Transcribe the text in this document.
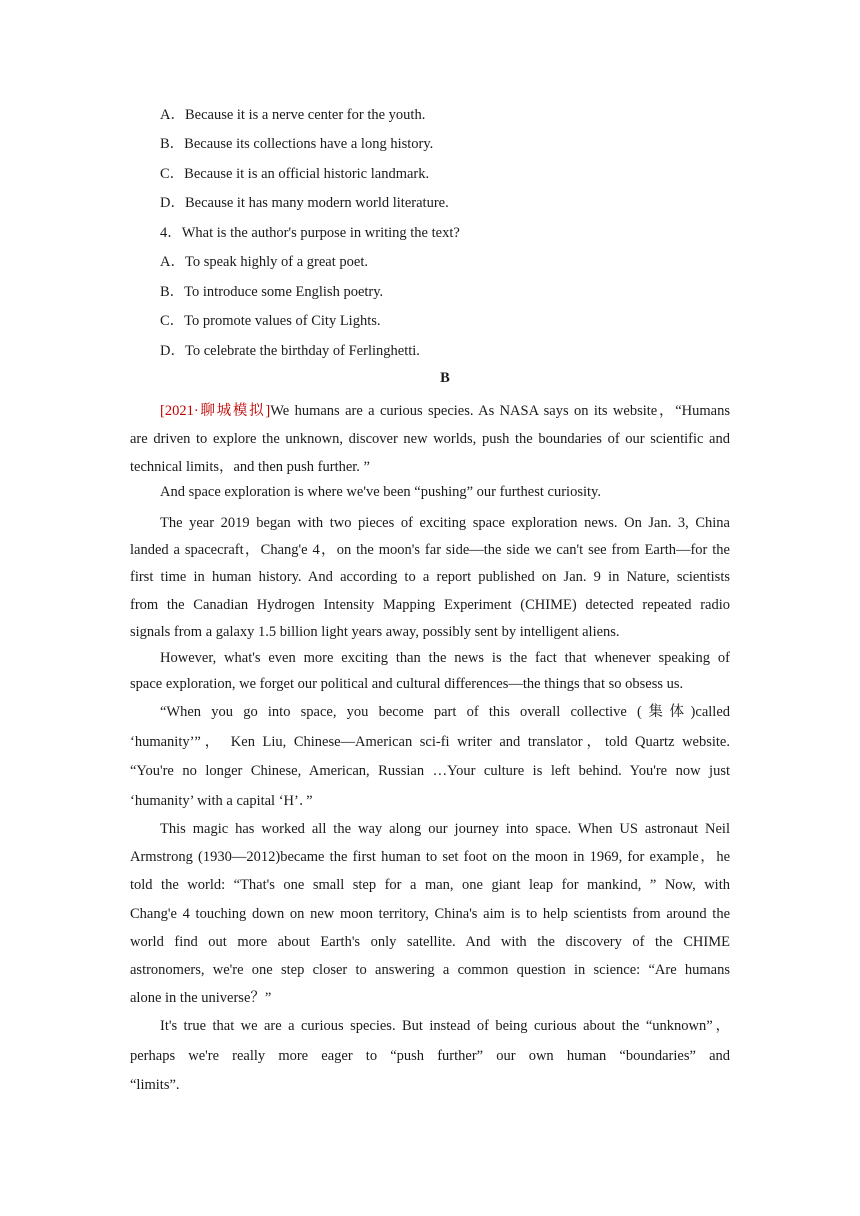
A．Because it is a nerve center for the youth.
B．Because its collections have a long history.
C．Because it is an official historic landmark.
D．Because it has many modern world literature.
4．What is the author's purpose in writing the text?
A．To speak highly of a great poet.
B．To introduce some English poetry.
C．To promote values of City Lights.
D．To celebrate the birthday of Ferlinghetti.
B
[2021·聊城模拟]We humans are a curious species. As NASA says on its website，“Humans
are driven to explore the unknown, discover new worlds, push the boundaries of our scientific and
technical limits，and then push further. ”
And space exploration is where we've been “pushing” our furthest curiosity.
The year 2019 began with two pieces of exciting space exploration news. On Jan. 3, China
landed a spacecraft，Chang'e 4，on the moon's far side—the side we can't see from Earth—for the
first time in human history. And according to a report published on Jan. 9 in Nature, scientists
from the Canadian Hydrogen Intensity Mapping Experiment (CHIME) detected repeated radio
signals from a galaxy 1.5 billion light years away, possibly sent by intelligent aliens.
However, what's even more exciting than the news is the fact that whenever speaking of
space exploration, we forget our political and cultural differences—the things that so obsess us.
“When you go into space, you become part of this overall collective (集体)called
‘humanity’”， Ken Liu, Chinese—American sci-fi writer and translator，told Quartz website.
“You're no longer Chinese, American, Russian …Your culture is left behind. You're now just
‘humanity’ with a capital ‘H’．”
This magic has worked all the way along our journey into space. When US astronaut Neil
Armstrong (1930—2012)became the first human to set foot on the moon in 1969, for example，he
told the world: “That's one small step for a man, one giant leap for mankind, ” Now, with
Chang'e 4 touching down on new moon territory, China's aim is to help scientists from around the
world find out more about Earth's only satellite. And with the discovery of the CHIME
astronomers, we're one step closer to answering a common question in science: “Are humans
alone in the universe？”
It's true that we are a curious species. But instead of being curious about the “unknown”，
perhaps we're really more eager to “push further” our own human “boundaries” and
“limits”.
